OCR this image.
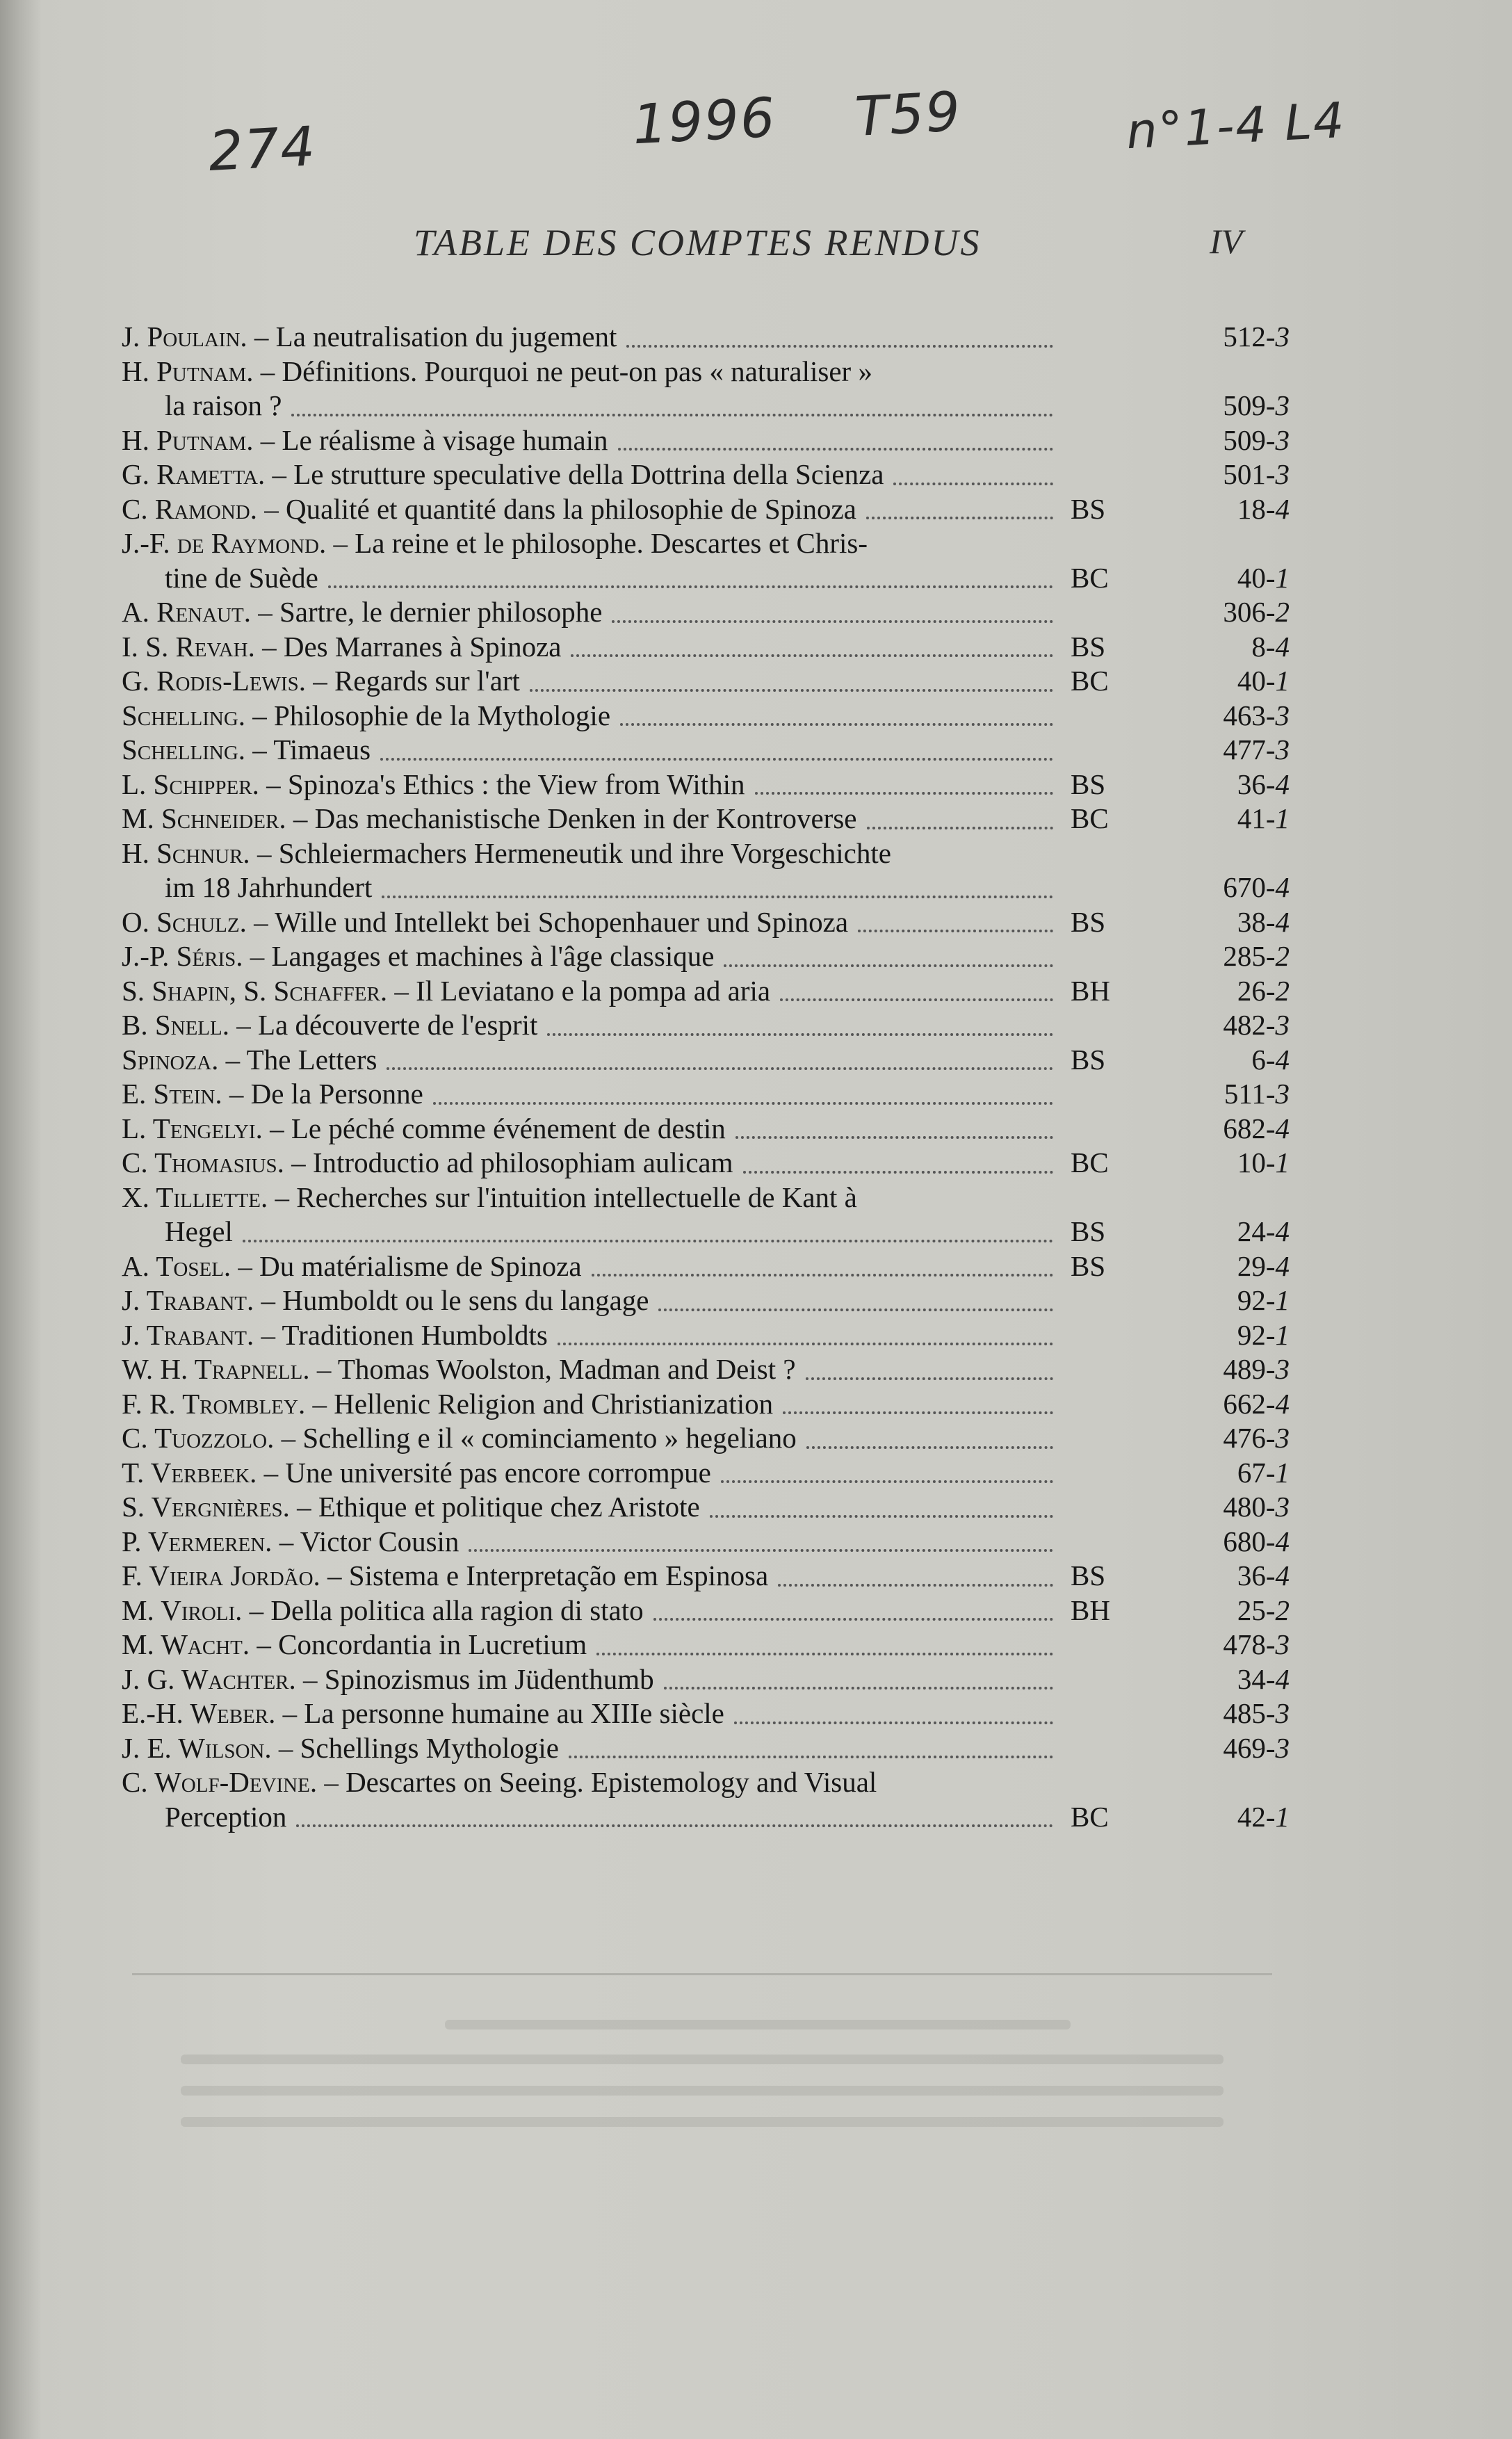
274	1996 T59	n°1-4 L4
TABLE DES COMPTES RENDUS	IV
J. Poulain. – La neutralisation du jugement	512-3
H. Putnam. – Définitions. Pourquoi ne peut-on pas « naturaliser »
la raison ?	509-3
H. Putnam. – Le réalisme à visage humain	509-3
G. Rametta. – Le strutture speculative della Dottrina della Scienza	501-3
C. Ramond. – Qualité et quantité dans la philosophie de Spinoza	BS	18-4
J.-F. de Raymond. – La reine et le philosophe. Descartes et Chris-
tine de Suède	BC	40-1
A. Renaut. – Sartre, le dernier philosophe	306-2
I. S. Revah. – Des Marranes à Spinoza	BS	8-4
G. Rodis-Lewis. – Regards sur l'art	BC	40-1
Schelling. – Philosophie de la Mythologie	463-3
Schelling. – Timaeus	477-3
L. Schipper. – Spinoza's Ethics : the View from Within	BS	36-4
M. Schneider. – Das mechanistische Denken in der Kontroverse	BC	41-1
H. Schnur. – Schleiermachers Hermeneutik und ihre Vorgeschichte
im 18 Jahrhundert	670-4
O. Schulz. – Wille und Intellekt bei Schopenhauer und Spinoza	BS	38-4
J.-P. Séris. – Langages et machines à l'âge classique	285-2
S. Shapin, S. Schaffer. – Il Leviatano e la pompa ad aria	BH	26-2
B. Snell. – La découverte de l'esprit	482-3
Spinoza. – The Letters	BS	6-4
E. Stein. – De la Personne	511-3
L. Tengelyi. – Le péché comme événement de destin	682-4
C. Thomasius. – Introductio ad philosophiam aulicam	BC	10-1
X. Tilliette. – Recherches sur l'intuition intellectuelle de Kant à
Hegel	BS	24-4
A. Tosel. – Du matérialisme de Spinoza	BS	29-4
J. Trabant. – Humboldt ou le sens du langage	92-1
J. Trabant. – Traditionen Humboldts	92-1
W. H. Trapnell. – Thomas Woolston, Madman and Deist ?	489-3
F. R. Trombley. – Hellenic Religion and Christianization	662-4
C. Tuozzolo. – Schelling e il « cominciamento » hegeliano	476-3
T. Verbeek. – Une université pas encore corrompue	67-1
S. Vergnières. – Ethique et politique chez Aristote	480-3
P. Vermeren. – Victor Cousin	680-4
F. Vieira Jordão. – Sistema e Interpretação em Espinosa	BS	36-4
M. Viroli. – Della politica alla ragion di stato	BH	25-2
M. Wacht. – Concordantia in Lucretium	478-3
J. G. Wachter. – Spinozismus im Jüdenthumb	34-4
E.-H. Weber. – La personne humaine au XIIIe siècle	485-3
J. E. Wilson. – Schellings Mythologie	469-3
C. Wolf-Devine. – Descartes on Seeing. Epistemology and Visual
Perception	BC	42-1
